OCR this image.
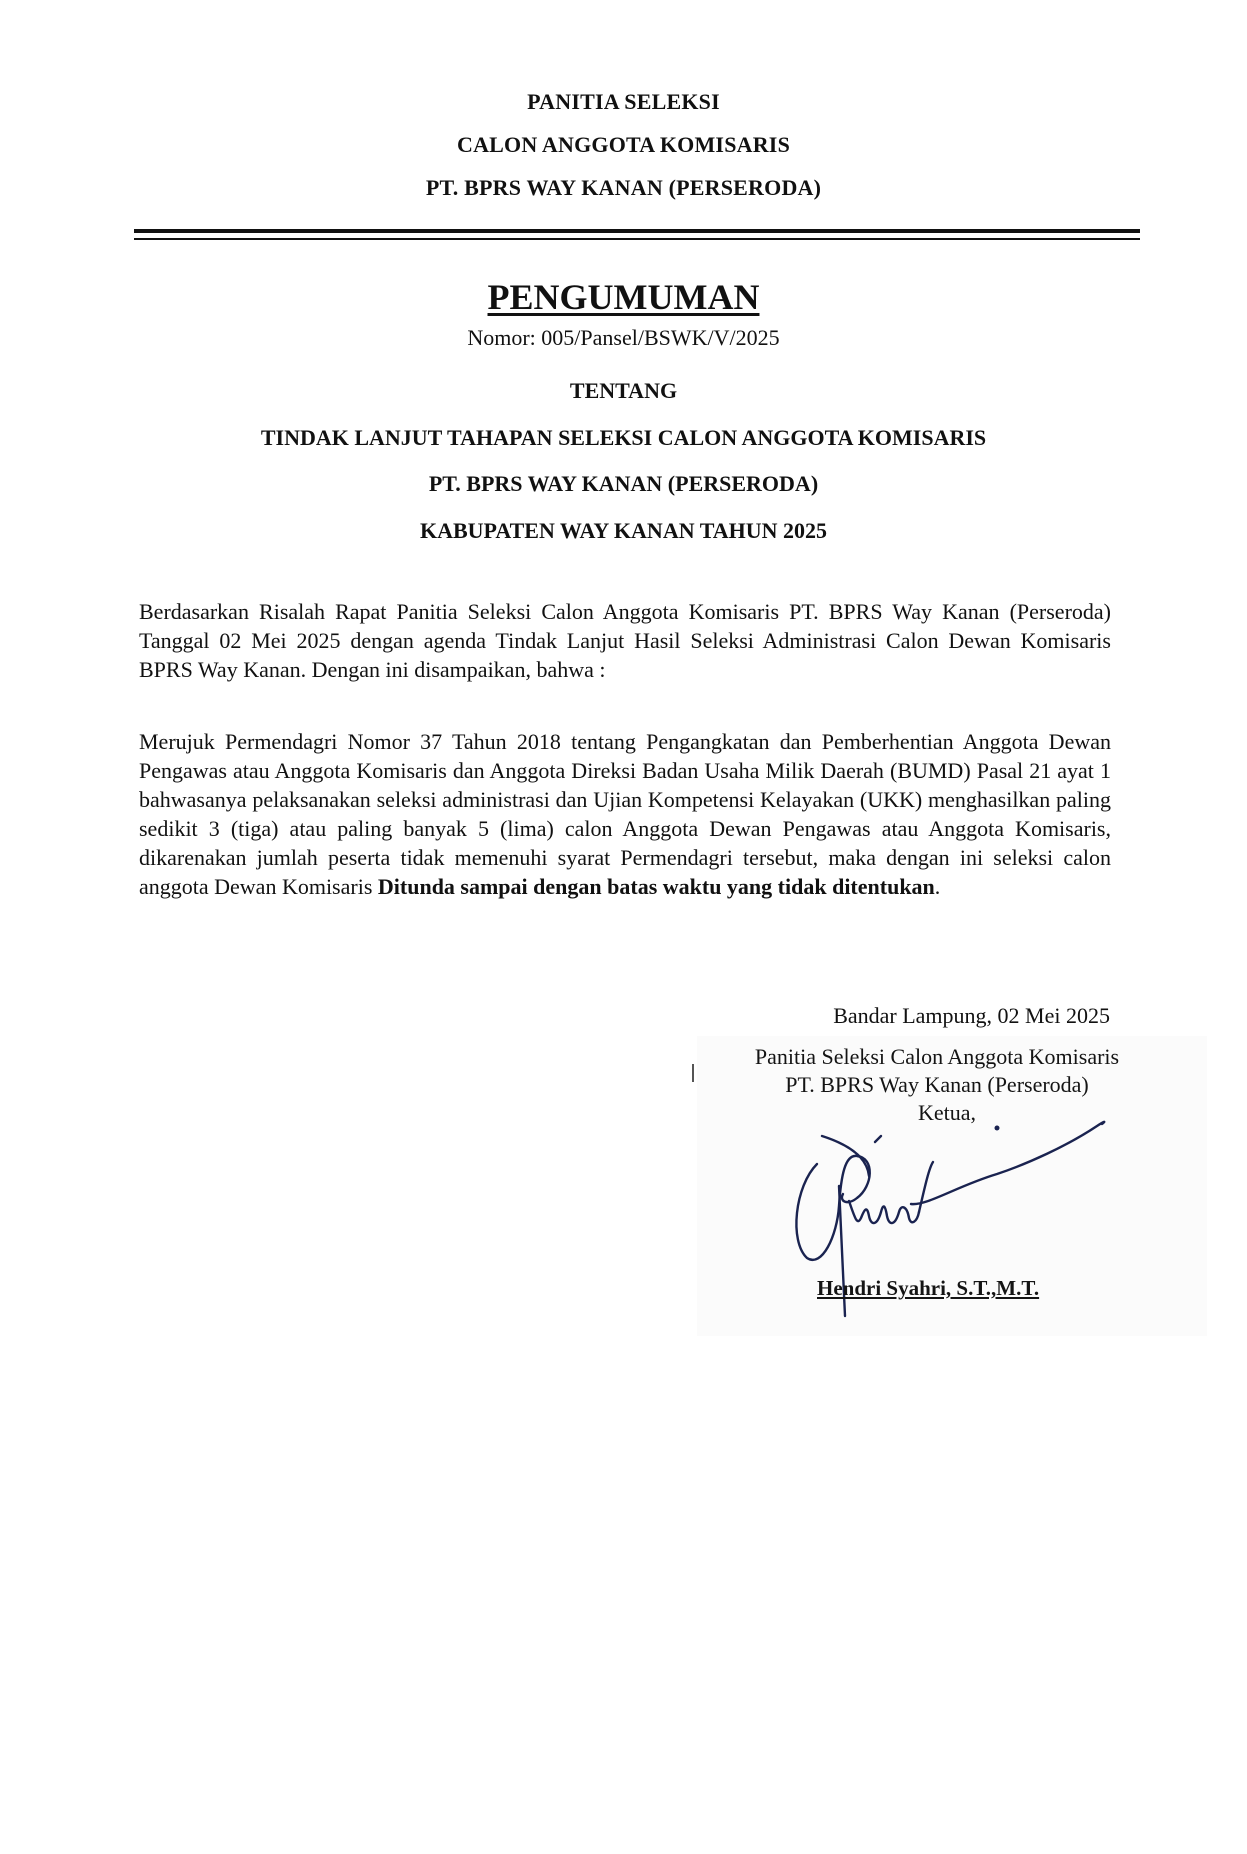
PANITIA SELEKSI
CALON ANGGOTA KOMISARIS
PT. BPRS WAY KANAN (PERSERODA)
PENGUMUMAN
Nomor: 005/Pansel/BSWK/V/2025
TENTANG
TINDAK LANJUT TAHAPAN SELEKSI CALON ANGGOTA KOMISARIS
PT. BPRS WAY KANAN (PERSERODA)
KABUPATEN WAY KANAN TAHUN 2025

Berdasarkan Risalah Rapat Panitia Seleksi Calon Anggota Komisaris PT. BPRS Way Kanan (Perseroda) Tanggal 02 Mei 2025 dengan agenda Tindak Lanjut Hasil Seleksi Administrasi Calon Dewan Komisaris BPRS Way Kanan. Dengan ini disampaikan, bahwa :

Merujuk Permendagri Nomor 37 Tahun 2018 tentang Pengangkatan dan Pemberhentian Anggota Dewan Pengawas atau Anggota Komisaris dan Anggota Direksi Badan Usaha Milik Daerah (BUMD) Pasal 21 ayat 1 bahwasanya pelaksanakan seleksi administrasi dan Ujian Kompetensi Kelayakan (UKK) menghasilkan paling sedikit 3 (tiga) atau paling banyak 5 (lima) calon Anggota Dewan Pengawas atau Anggota Komisaris, dikarenakan jumlah peserta tidak memenuhi syarat Permendagri tersebut, maka dengan ini seleksi calon anggota Dewan Komisaris Ditunda sampai dengan batas waktu yang tidak ditentukan.

Bandar Lampung, 02 Mei 2025
Panitia Seleksi Calon Anggota Komisaris
PT. BPRS Way Kanan (Perseroda)
Ketua,
Hendri Syahri, S.T.,M.T.
